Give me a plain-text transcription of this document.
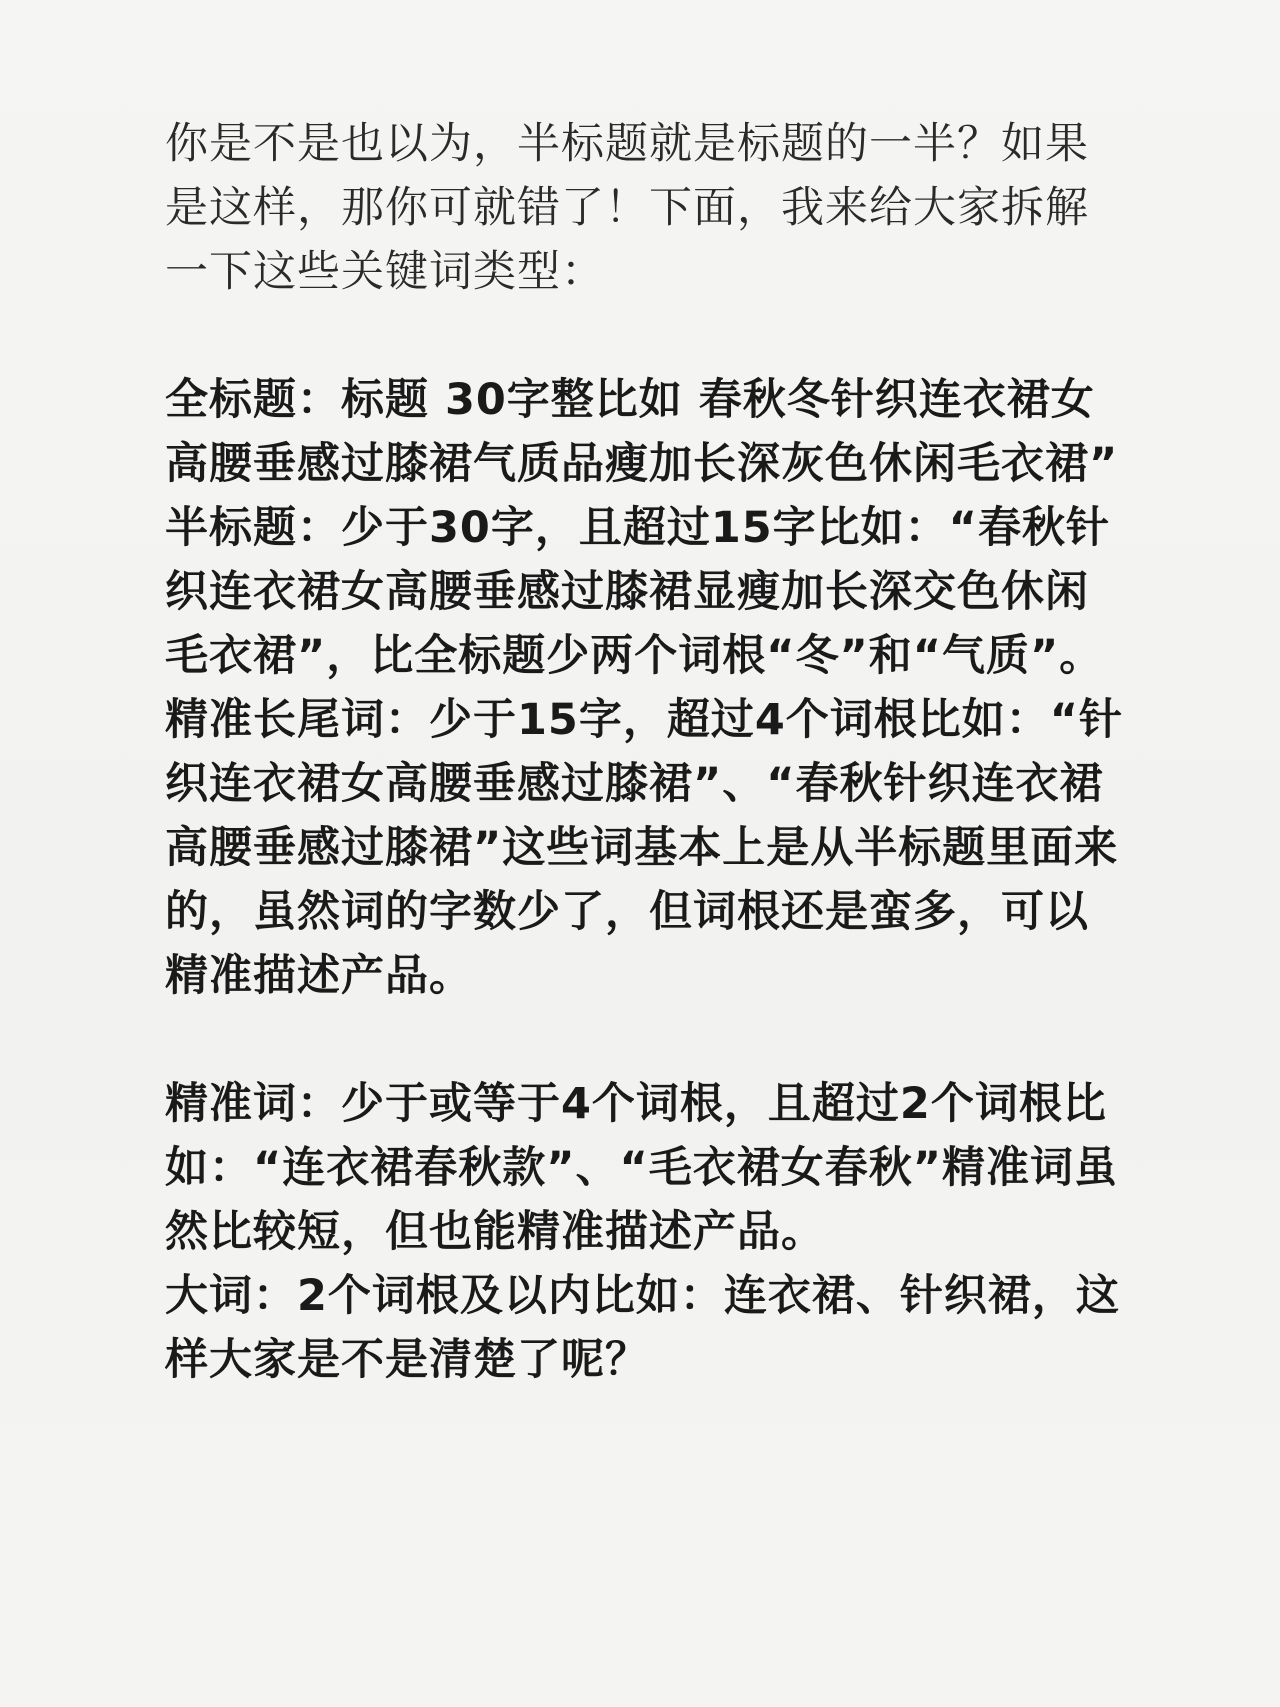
你是不是也以为，半标题就是标题的一半？如果是这样，那你可就错了！下面，我来给大家拆解一下这些关键词类型：

全标题：标题 30字整比如 春秋冬针织连衣裙女高腰垂感过膝裙气质品瘦加长深灰色休闲毛衣裙”

半标题：少于30字，且超过15字比如：“春秋针织连衣裙女高腰垂感过膝裙显瘦加长深交色休闲毛衣裙”，比全标题少两个词根“冬”和“气质”。

精准长尾词：少于15字，超过4个词根比如：“针织连衣裙女高腰垂感过膝裙”、“春秋针织连衣裙高腰垂感过膝裙”这些词基本上是从半标题里面来的，虽然词的字数少了，但词根还是蛮多，可以精准描述产品。

精准词：少于或等于4个词根，且超过2个词根比如：“连衣裙春秋款”、“毛衣裙女春秋”精准词虽然比较短，但也能精准描述产品。

大词：2个词根及以内比如：连衣裙、针织裙，这样大家是不是清楚了呢？
